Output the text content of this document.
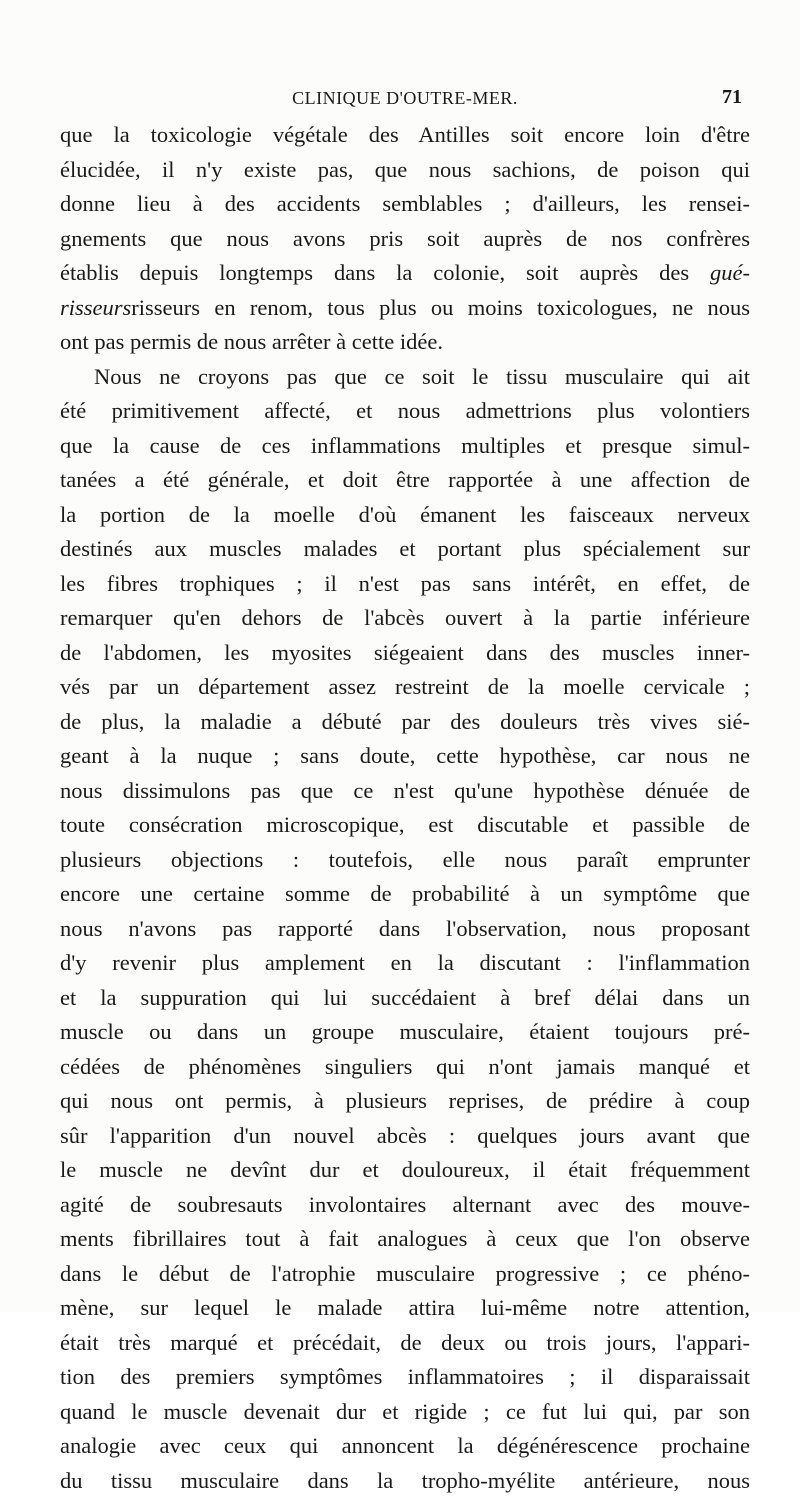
CLINIQUE D'OUTRE-MER.	71
que la toxicologie végétale des Antilles soit encore loin d'être
élucidée, il n'y existe pas, que nous sachions, de poison qui
donne lieu à des accidents semblables ; d'ailleurs, les rensei-
gnements que nous avons pris soit auprès de nos confrères
établis depuis longtemps dans la colonie, soit auprès des gué-
risseursrisseurs en renom, tous plus ou moins toxicologues, ne nous
ont pas permis de nous arrêter à cette idée.
Nous ne croyons pas que ce soit le tissu musculaire qui ait
été primitivement affecté, et nous admettrions plus volontiers
que la cause de ces inflammations multiples et presque simul-
tanées a été générale, et doit être rapportée à une affection de
la portion de la moelle d'où émanent les faisceaux nerveux
destinés aux muscles malades et portant plus spécialement sur
les fibres trophiques ; il n'est pas sans intérêt, en effet, de
remarquer qu'en dehors de l'abcès ouvert à la partie inférieure
de l'abdomen, les myosites siégeaient dans des muscles inner-
vés par un département assez restreint de la moelle cervicale ;
de plus, la maladie a débuté par des douleurs très vives sié-
geant à la nuque ; sans doute, cette hypothèse, car nous ne
nous dissimulons pas que ce n'est qu'une hypothèse dénuée de
toute consécration microscopique, est discutable et passible de
plusieurs objections : toutefois, elle nous paraît emprunter
encore une certaine somme de probabilité à un symptôme que
nous n'avons pas rapporté dans l'observation, nous proposant
d'y revenir plus amplement en la discutant : l'inflammation
et la suppuration qui lui succédaient à bref délai dans un
muscle ou dans un groupe musculaire, étaient toujours pré-
cédées de phénomènes singuliers qui n'ont jamais manqué et
qui nous ont permis, à plusieurs reprises, de prédire à coup
sûr l'apparition d'un nouvel abcès : quelques jours avant que
le muscle ne devînt dur et douloureux, il était fréquemment
agité de soubresauts involontaires alternant avec des mouve-
ments fibrillaires tout à fait analogues à ceux que l'on observe
dans le début de l'atrophie musculaire progressive ; ce phéno-
mène, sur lequel le malade attira lui-même notre attention,
était très marqué et précédait, de deux ou trois jours, l'appari-
tion des premiers symptômes inflammatoires ; il disparaissait
quand le muscle devenait dur et rigide ; ce fut lui qui, par son
analogie avec ceux qui annoncent la dégénérescence prochaine
du tissu musculaire dans la tropho-myélite antérieure, nous
